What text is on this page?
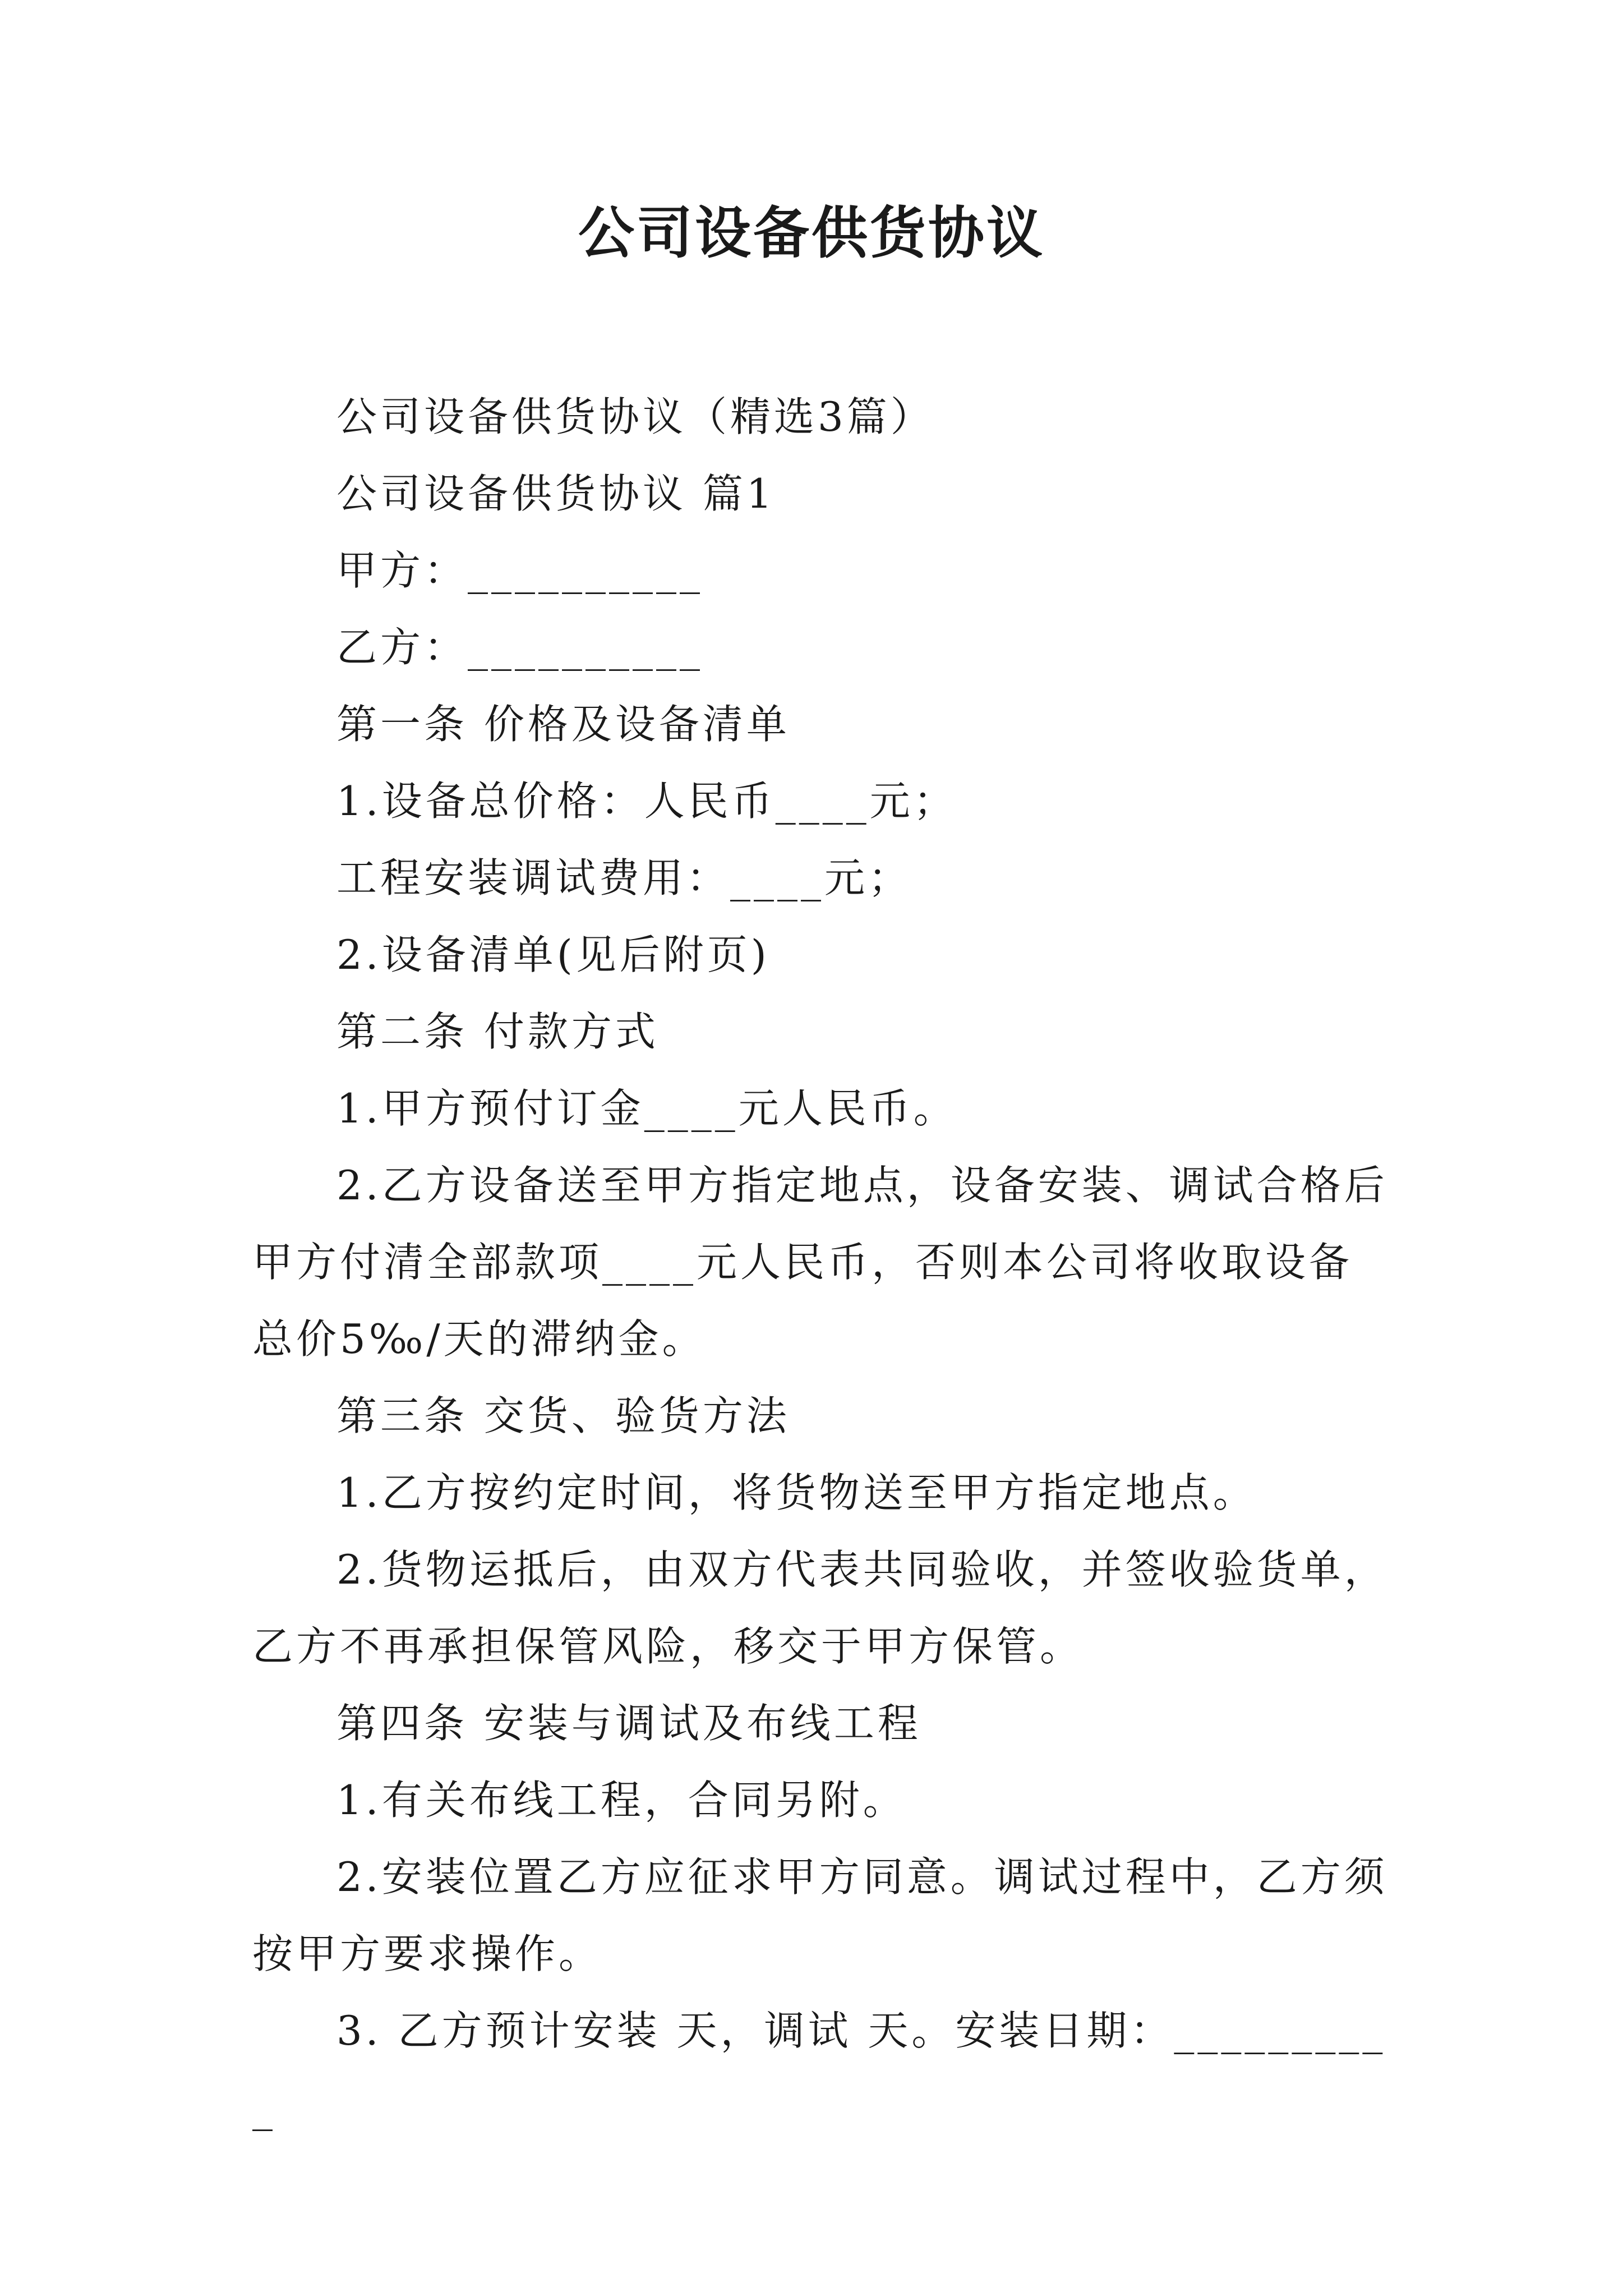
公司设备供货协议

公司设备供货协议（精选3篇）

公司设备供货协议 篇1

甲方：__________

乙方：__________

第一条 价格及设备清单

1.设备总价格：人民币____元；

工程安装调试费用：____元；

2.设备清单(见后附页)

第二条 付款方式

1.甲方预付订金____元人民币。

2.乙方设备送至甲方指定地点，设备安装、调试合格后甲方付清全部款项____元人民币，否则本公司将收取设备总价5‰/天的滞纳金。

第三条 交货、验货方法

1.乙方按约定时间，将货物送至甲方指定地点。

2.货物运抵后，由双方代表共同验收，并签收验货单，乙方不再承担保管风险，移交于甲方保管。

第四条 安装与调试及布线工程

1.有关布线工程，合同另附。

2.安装位置乙方应征求甲方同意。调试过程中，乙方须按甲方要求操作。

3. 乙方预计安装 天，调试 天。安装日期：__________
